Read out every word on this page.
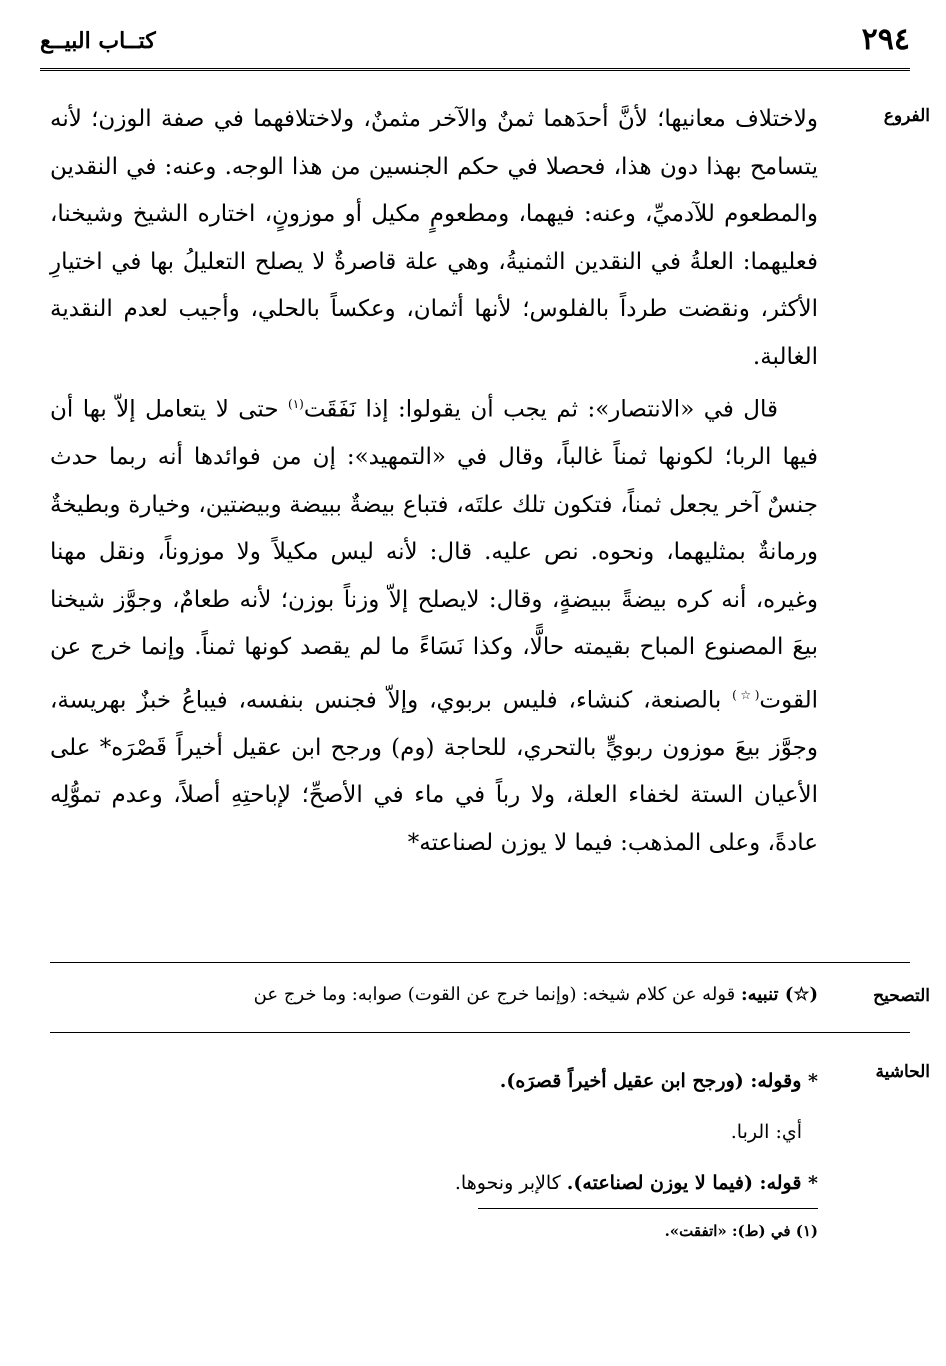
٢٩٤
كتــاب البيــع
الفروع

ولاختلاف معانيها؛ لأنَّ أحدَهما ثمنٌ والآخر مثمنٌ، ولاختلافهما في صفة الوزن؛ لأنه يتسامح بهذا دون هذا، فحصلا في حكم الجنسين من هذا الوجه. وعنه: في النقدين والمطعوم للآدميِّ، وعنه: فيهما، ومطعومٍ مكيل أو موزونٍ، اختاره الشيخ وشيخنا، فعليهما: العلةُ في النقدين الثمنيةُ، وهي علة قاصرةٌ لا يصلح التعليلُ بها في اختيارِ الأكثر، ونقضت طرداً بالفلوس؛ لأنها أثمان، وعكساً بالحلي، وأجيب لعدم النقدية الغالبة.

قال في «الانتصار»: ثم يجب أن يقولوا: إذا نَفَقَت$^{(١)}$ حتى لا يتعامل إلاّ بها أن فيها الربا؛ لكونها ثمناً غالباً، وقال في «التمهيد»: إن من فوائدها أنه ربما حدث جنسٌ آخر يجعل ثمناً، فتكون تلك علتَه، فتباع بيضةٌ ببيضة وبيضتين، وخيارة وبطيخةٌ ورمانةٌ بمثليهما، ونحوه. نص عليه. قال: لأنه ليس مكيلاً ولا موزوناً، ونقل مهنا وغيره، أنه كره بيضةً ببيضةٍ، وقال: لايصلح إلاّ وزناً بوزن؛ لأنه طعامٌ، وجوَّز شيخنا بيعَ المصنوع المباح بقيمته حالًّا، وكذا نَسَاءً ما لم يقصد كونها ثمناً. وإنما خرج عن القوت(☆) بالصنعة، كنشاء، فليس بربوي، وإلاّ فجنس بنفسه، فيباعُ خبزٌ بهريسة، وجوَّز بيعَ موزون ربويٍّ بالتحري، للحاجة (وم) ورجح ابن عقيل أخيراً قَصْرَه* على الأعيان الستة لخفاء العلة، ولا رباً في ماء في الأصحِّ؛ لإباحتِهِ أصلاً، وعدم تموُّلِه عادةً، وعلى المذهب: فيما لا يوزن لصناعته*

التصحيح
(☆) تنبيه: قوله عن كلام شيخه: (وإنما خرج عن القوت) صوابه: وما خرج عن
الحاشية

* وقوله: (ورجح ابن عقيل أخيراً قصرَه).

أي: الربا.

* قوله: (فيما لا يوزن لصناعته). كالإبر ونحوها.

(١) في (ط): «اتفقت».
